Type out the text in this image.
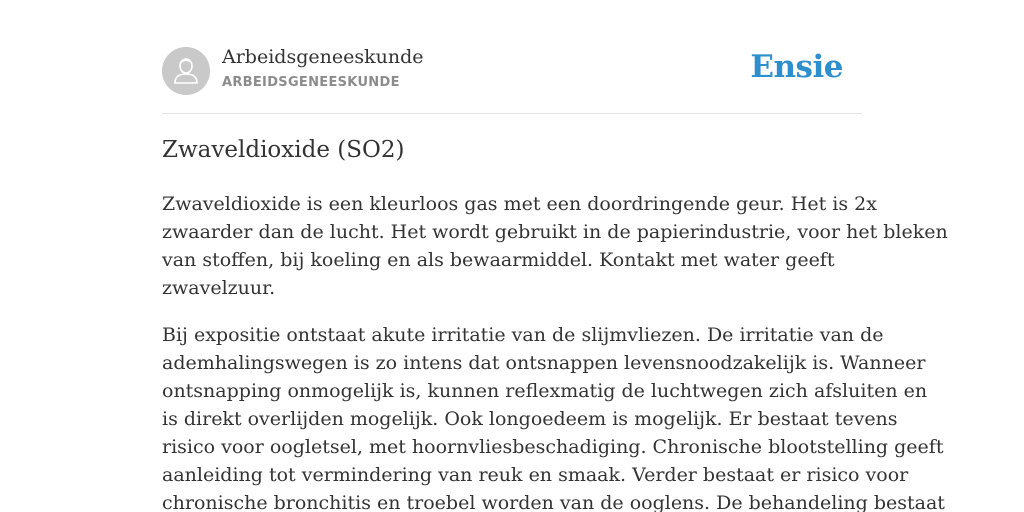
Arbeidsgeneeskunde
ARBEIDSGENEESKUNDE	Ensie
Zwaveldioxide (SO2)

Zwaveldioxide is een kleurloos gas met een doordringende geur. Het is 2x
zwaarder dan de lucht. Het wordt gebruikt in de papierindustrie, voor het bleken
van stoffen, bij koeling en als bewaarmiddel. Kontakt met water geeft
zwavelzuur.

Bij expositie ontstaat akute irritatie van de slijmvliezen. De irritatie van de
ademhalingswegen is zo intens dat ontsnappen levensnoodzakelijk is. Wanneer
ontsnapping onmogelijk is, kunnen reflexmatig de luchtwegen zich afsluiten en
is direkt overlijden mogelijk. Ook longoedeem is mogelijk. Er bestaat tevens
risico voor oogletsel, met hoornvliesbeschadiging. Chronische blootstelling geeft
aanleiding tot vermindering van reuk en smaak. Verder bestaat er risico voor
chronische bronchitis en troebel worden van de ooglens. De behandeling bestaat
